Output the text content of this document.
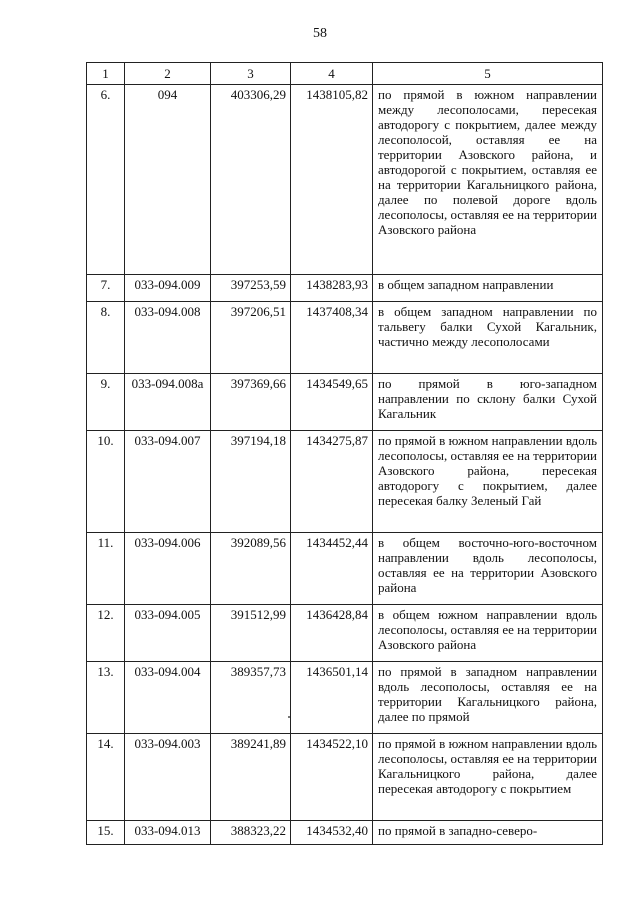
58
1	2	3	4	5
6.	094	403306,29	1438105,82	по прямой в южном направлении между лесополосами, пересекая автодорогу с покрытием, далее между лесополосой, оставляя ее на территории Азовского района, и автодорогой с покрытием, оставляя ее на территории Кагальницкого района, далее по полевой дороге вдоль лесополосы, оставляя ее на территории Азовского района
7.	033-094.009	397253,59	1438283,93	в общем западном направлении
8.	033-094.008	397206,51	1437408,34	в общем западном направлении по тальвегу балки Сухой Кагальник, частично между лесополосами
9.	033-094.008а	397369,66	1434549,65	по прямой в юго-западном направлении по склону балки Сухой Кагальник
10.	033-094.007	397194,18	1434275,87	по прямой в южном направлении вдоль лесополосы, оставляя ее на территории Азовского района, пересекая автодорогу с покрытием, далее пересекая балку Зеленый Гай
11.	033-094.006	392089,56	1434452,44	в общем восточно-юго-восточном направлении вдоль лесополосы, оставляя ее на территории Азовского района
12.	033-094.005	391512,99	1436428,84	в общем южном направлении вдоль лесополосы, оставляя ее на территории Азовского района
13.	033-094.004	389357,73	1436501,14	по прямой в западном направлении вдоль лесополосы, оставляя ее на территории Кагальницкого района, далее по прямой
14.	033-094.003	389241,89	1434522,10	по прямой в южном направлении вдоль лесополосы, оставляя ее на территории Кагальницкого района, далее пересекая автодорогу с покрытием
15.	033-094.013	388323,22	1434532,40	по прямой в западно-северо-
